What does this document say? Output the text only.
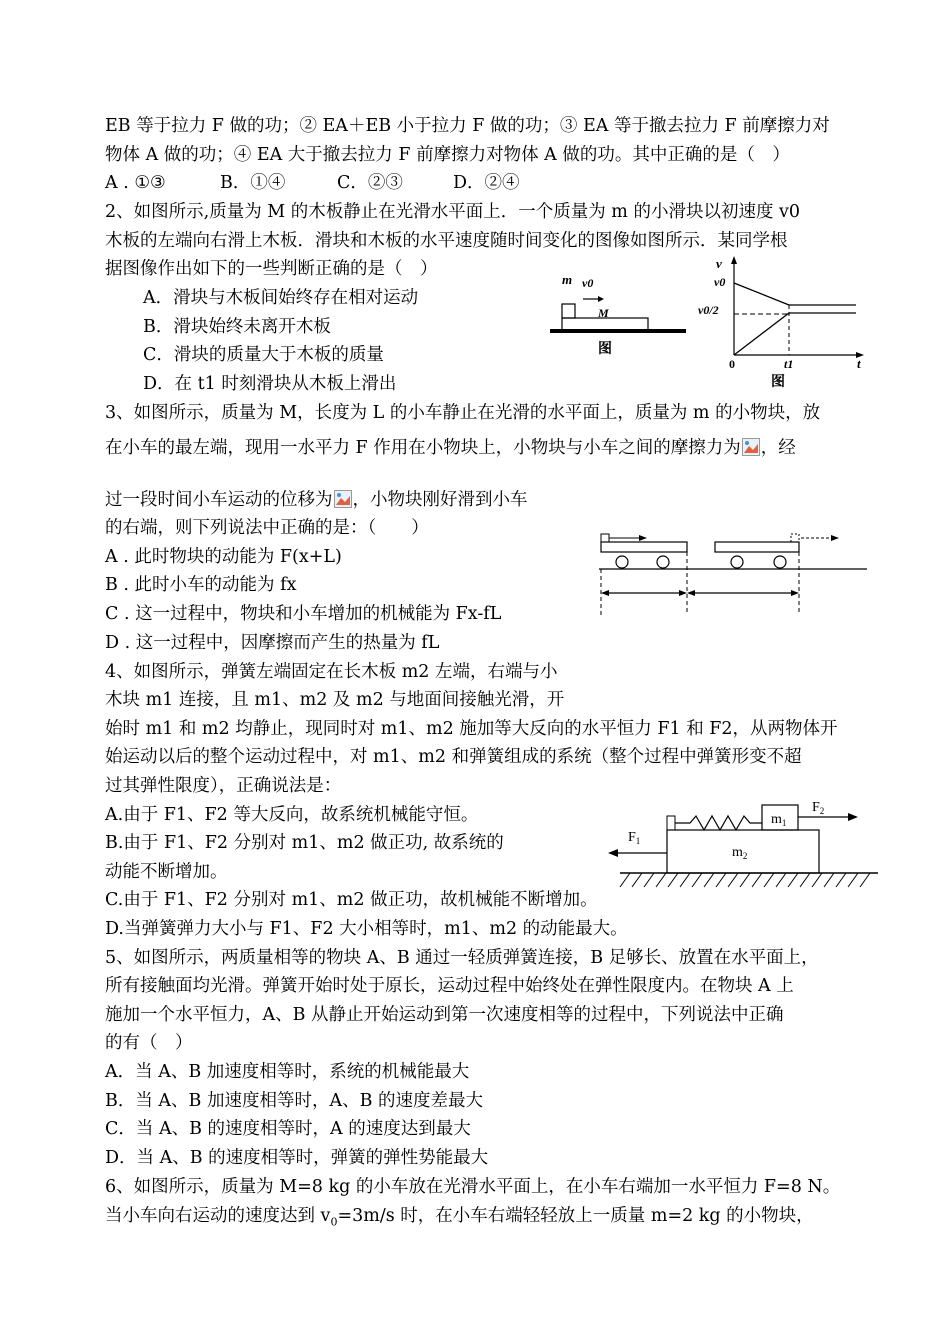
EB 等于拉力 F 做的功；② EA＋EB 小于拉力 F 做的功；③ EA 等于撤去拉力 F 前摩擦力对
物体 A 做的功；④ EA 大于撤去拉力 F 前摩擦力对物体 A 做的功。其中正确的是（　）
A . ①③	B．①④	C．②③	D．②④
2、如图所示,质量为 M 的木板静止在光滑水平面上．一个质量为 m 的小滑块以初速度 v0
木板的左端向右滑上木板．滑块和木板的水平速度随时间变化的图像如图所示．某同学根
据图像作出如下的一些判断正确的是（　）
A．滑块与木板间始终存在相对运动
B．滑块始终未离开木板
C．滑块的质量大于木板的质量
D．在 t1 时刻滑块从木板上滑出
m v0
M
图
v
v0
v0/2
0	t1	t
图
3、如图所示，质量为 M，长度为 L 的小车静止在光滑的水平面上，质量为 m 的小物块，放
在小车的最左端，现用一水平力 F 作用在小物块上，小物块与小车之间的摩擦力为 ，经
过一段时间小车运动的位移为 ，小物块刚好滑到小车
的右端，则下列说法中正确的是：（　　）
A . 此时物块的动能为 F(x+L)
B . 此时小车的动能为 fx
C . 这一过程中，物块和小车增加的机械能为 Fx-fL
D . 这一过程中，因摩擦而产生的热量为 fL
4、如图所示，弹簧左端固定在长木板 m2 左端，右端与小
木块 m1 连接，且 m1、m2 及 m2 与地面间接触光滑，开
始时 m1 和 m2 均静止，现同时对 m1、m2 施加等大反向的水平恒力 F1 和 F2，从两物体开
始运动以后的整个运动过程中，对 m1、m2 和弹簧组成的系统（整个过程中弹簧形变不超
过其弹性限度），正确说法是：
A.由于 F1、F2 等大反向，故系统机械能守恒。
B.由于 F1、F2 分别对 m1、m2 做正功, 故系统的
动能不断增加。
C.由于 F1、F2 分别对 m1、m2 做正功，故机械能不断增加。
D.当弹簧弹力大小与 F1、F2 大小相等时，m1、m2 的动能最大。
$m_1$
$m_2$
$F_2$
$F_1$
5、如图所示，两质量相等的物块 A、B 通过一轻质弹簧连接，B 足够长、放置在水平面上，
所有接触面均光滑。弹簧开始时处于原长，运动过程中始终处在弹性限度内。在物块 A 上
施加一个水平恒力，A、B 从静止开始运动到第一次速度相等的过程中，下列说法中正确
的有（　）
A．当 A、B 加速度相等时，系统的机械能最大
B．当 A、B 加速度相等时，A、B 的速度差最大
C．当 A、B 的速度相等时，A 的速度达到最大
D．当 A、B 的速度相等时，弹簧的弹性势能最大
6、如图所示，质量为 M=8 kg 的小车放在光滑水平面上，在小车右端加一水平恒力 F=8 N。
当小车向右运动的速度达到 $v_0=3m/s$ 时，在小车右端轻轻放上一质量 m=2 kg 的小物块，
